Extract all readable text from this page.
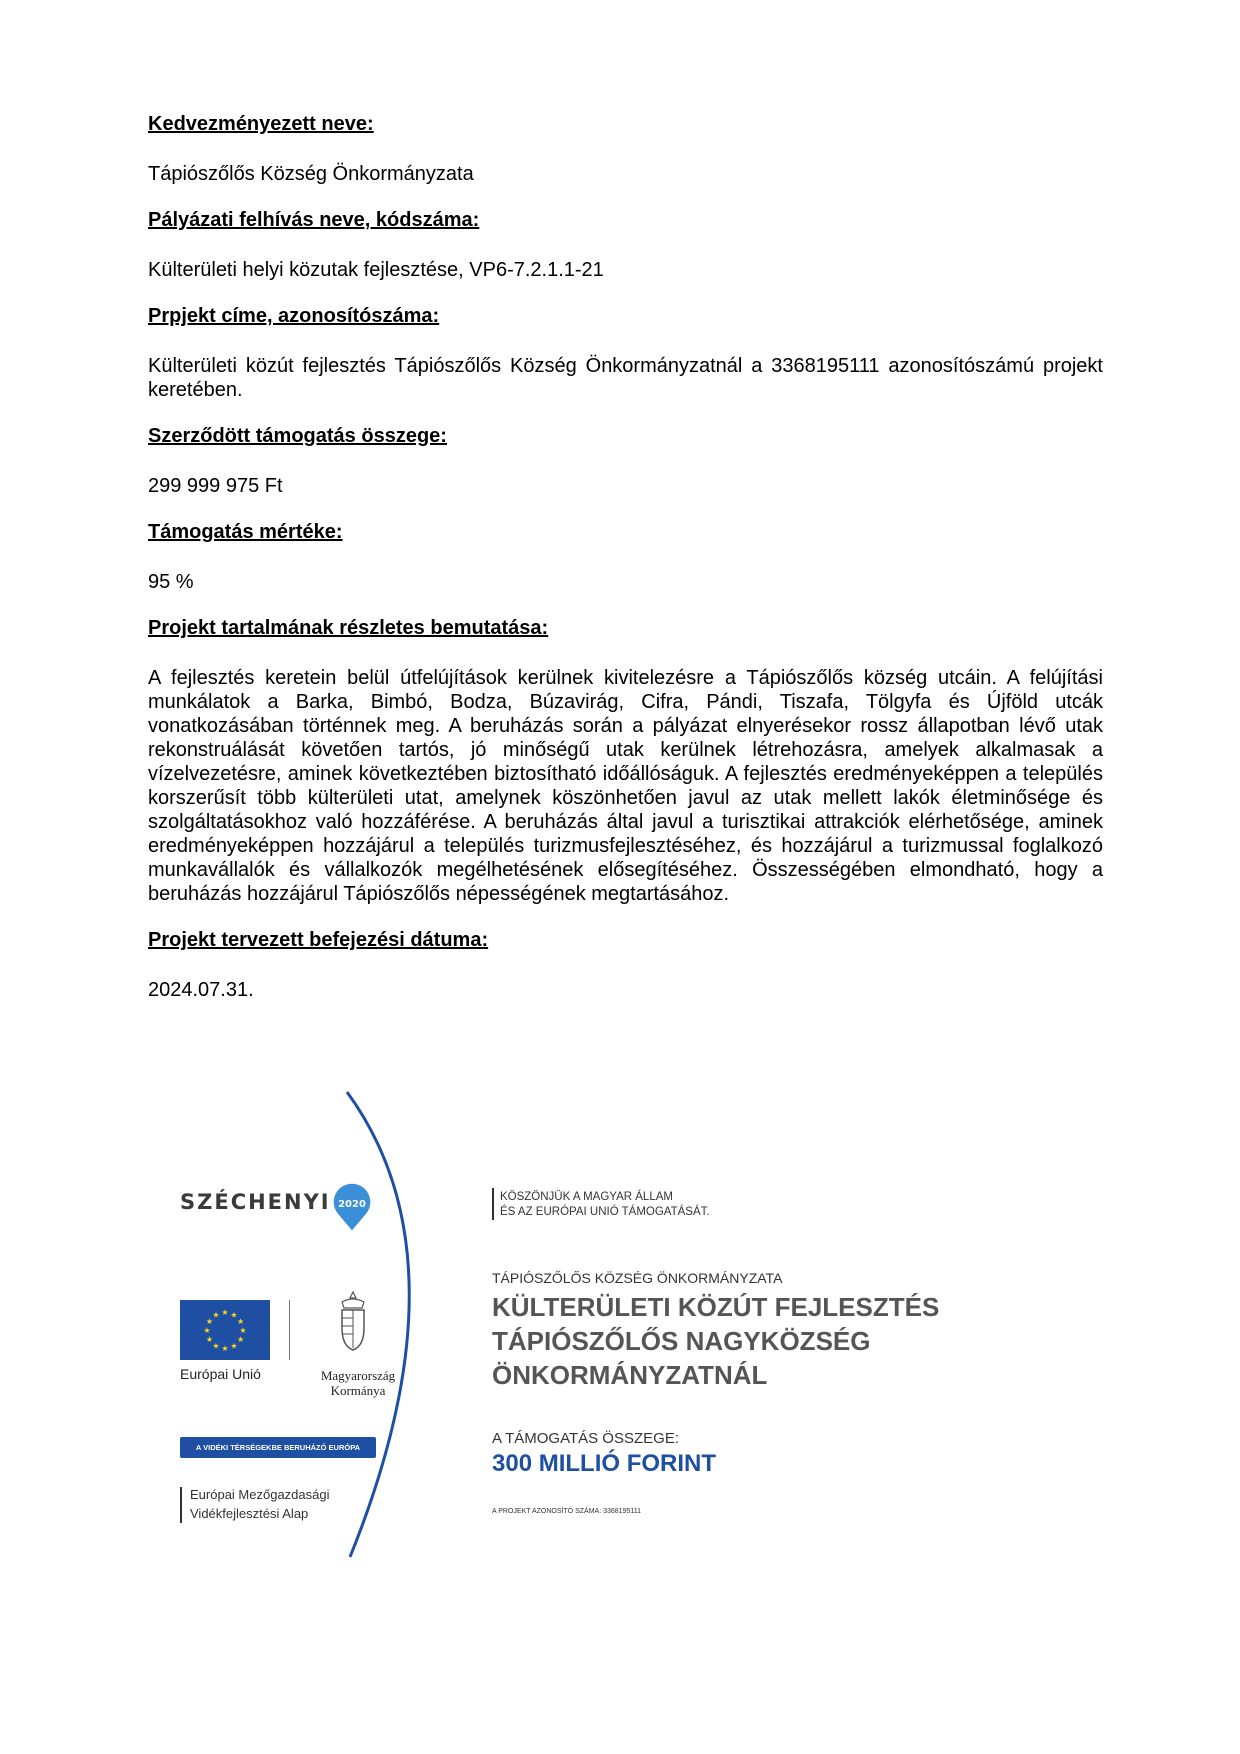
Kedvezményezett neve:

Tápiószőlős Község Önkormányzata

Pályázati felhívás neve, kódszáma:

Külterületi helyi közutak fejlesztése, VP6-7.2.1.1-21

Prpjekt címe, azonosítószáma:

Külterületi közút fejlesztés Tápiószőlős Község Önkormányzatnál a 3368195111 azonosítószámú projekt keretében.

Szerződött támogatás összege:

299 999 975 Ft

Támogatás mértéke:

95 %

Projekt tartalmának részletes bemutatása:

A fejlesztés keretein belül útfelújítások kerülnek kivitelezésre a Tápiószőlős község utcáin. A felújítási munkálatok a Barka, Bimbó, Bodza, Búzavirág, Cifra, Pándi, Tiszafa, Tölgyfa és Újföld utcák vonatkozásában történnek meg. A beruházás során a pályázat elnyerésekor rossz állapotban lévő utak rekonstruálását követően tartós, jó minőségű utak kerülnek létrehozásra, amelyek alkalmasak a vízelvezetésre, aminek következtében biztosítható időállóságuk. A fejlesztés eredményeképpen a település korszerűsít több külterületi utat, amelynek köszönhetően javul az utak mellett lakók életminősége és szolgáltatásokhoz való hozzáférése. A beruházás által javul a turisztikai attrakciók elérhetősége, aminek eredményeképpen hozzájárul a település turizmusfejlesztéséhez, és hozzájárul a turizmussal foglalkozó munkavállalók és vállalkozók megélhetésének elősegítéséhez. Összességében elmondható, hogy a beruházás hozzájárul Tápiószőlős népességének megtartásához.

Projekt tervezett befejezési dátuma:

2024.07.31.

SZÉCHENYI 2020
★
★
★
★
★
★
★
★
★ ★ ★
★
Európai Unió	Magyarország
Kormánya
A VIDÉKI TÉRSÉGEKBE BERUHÁZÓ EURÓPA
Európai Mezőgazdasági
Vidékfejlesztési Alap
KÖSZÖNJÜK A MAGYAR ÁLLAM
ÉS AZ EURÓPAI UNIÓ TÁMOGATÁSÁT.
TÁPIÓSZŐLŐS KÖZSÉG ÖNKORMÁNYZATA
KÜLTERÜLETI KÖZÚT FEJLESZTÉS
TÁPIÓSZŐLŐS NAGYKÖZSÉG
ÖNKORMÁNYZATNÁL
A TÁMOGATÁS ÖSSZEGE:
300 MILLIÓ FORINT
A PROJEKT AZONOSÍTÓ SZÁMA: 3368195111
